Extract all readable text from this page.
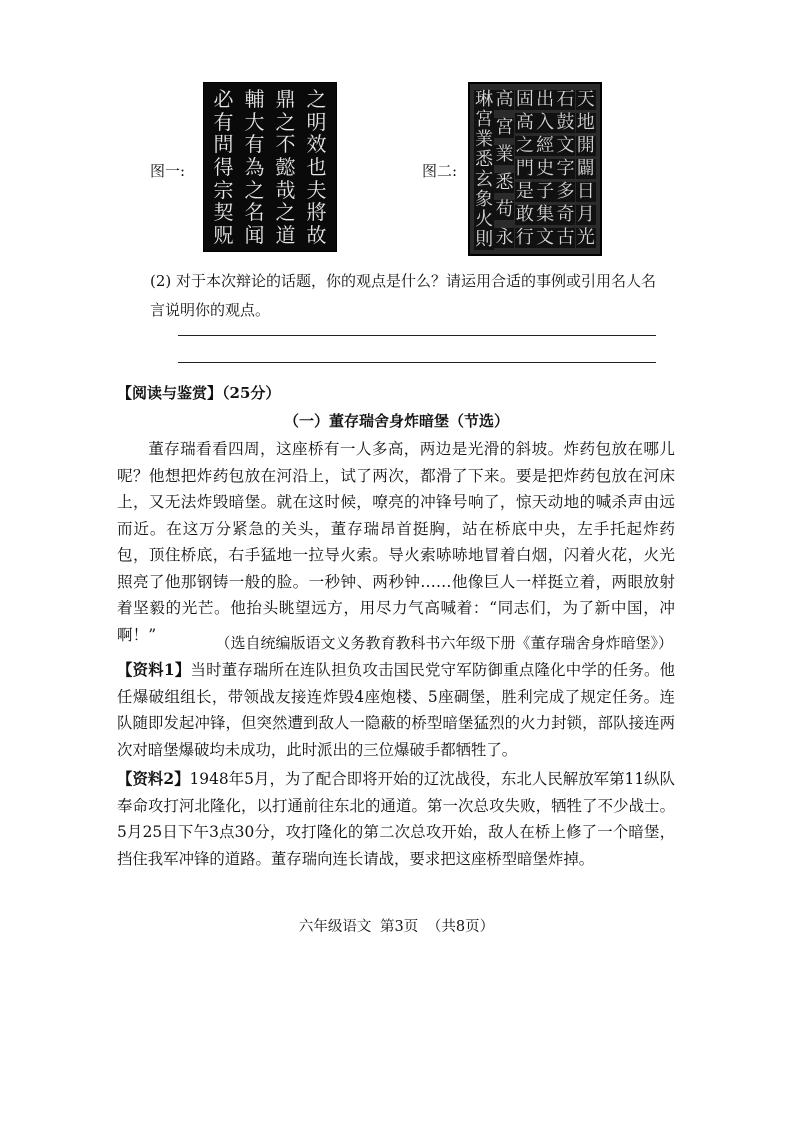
图一:
之
明
效
也
夫
將
故
鼎
之
不
懿
哉
之
道
輔
大
有
為
之
名
闻
必
有
問
得
宗
契
贶
图二:
天
地
開
闢
日
月
光
石
鼓
文
字
多
奇
古
出
入
經
史
子
集
文
固
高
之
門
是
敢
行
高
宮
業
悉
苟
永
琳
宮
業
悉
玄
象
火
則
(2) 对于本次辩论的话题，你的观点是什么？请运用合适的事例或引用名人名言说明你的观点。
【阅读与鉴赏】（25分）
（一）董存瑞舍身炸暗堡（节选）
董存瑞看看四周，这座桥有一人多高，两边是光滑的斜坡。炸药包放在哪儿呢？他想把炸药包放在河沿上，试了两次，都滑了下来。要是把炸药包放在河床上，又无法炸毁暗堡。就在这时候，嘹亮的冲锋号响了，惊天动地的喊杀声由远而近。在这万分紧急的关头，董存瑞昂首挺胸，站在桥底中央，左手托起炸药包，顶住桥底，右手猛地一拉导火索。导火索哧哧地冒着白烟，闪着火花，火光照亮了他那钢铸一般的脸。一秒钟、两秒钟……他像巨人一样挺立着，两眼放射着坚毅的光芒。他抬头眺望远方，用尽力气高喊着：“同志们，为了新中国，冲啊！”	（选自统编版语文义务教育教科书六年级下册《董存瑞舍身炸暗堡》）
【资料1】当时董存瑞所在连队担负攻击国民党守军防御重点隆化中学的任务。他任爆破组组长，带领战友接连炸毁4座炮楼、5座碉堡，胜利完成了规定任务。连队随即发起冲锋，但突然遭到敌人一隐蔽的桥型暗堡猛烈的火力封锁，部队接连两次对暗堡爆破均未成功，此时派出的三位爆破手都牺牲了。
【资料2】1948年5月，为了配合即将开始的辽沈战役，东北人民解放军第11纵队奉命攻打河北隆化，以打通前往东北的通道。第一次总攻失败，牺牲了不少战士。5月25日下午3点30分，攻打隆化的第二次总攻开始，敌人在桥上修了一个暗堡，挡住我军冲锋的道路。董存瑞向连长请战，要求把这座桥型暗堡炸掉。
六年级语文 第3页 （共8页）
